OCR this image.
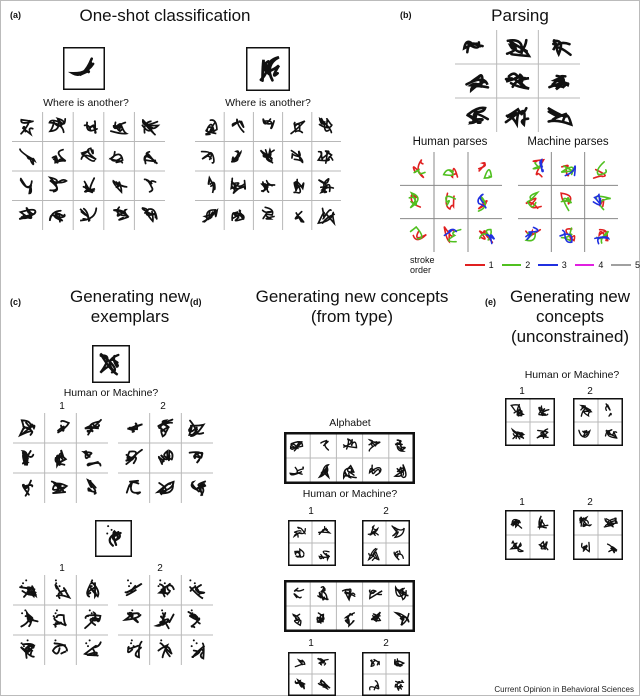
(a)	One-shot classification
Where is another?	Where is another?
(b)	Parsing
Human parses	Machine parses
stroke order	1	2	3	4	5
(c)	Generating new
exemplars
Human or Machine?
1	2
1	2
(d)	Generating new concepts
(from type)
Alphabet
Human or Machine?
1	2
1	2
(e) Generating new
concepts
(unconstrained)
Human or Machine?
1	2
1	2
Current Opinion in Behavioral Sciences
